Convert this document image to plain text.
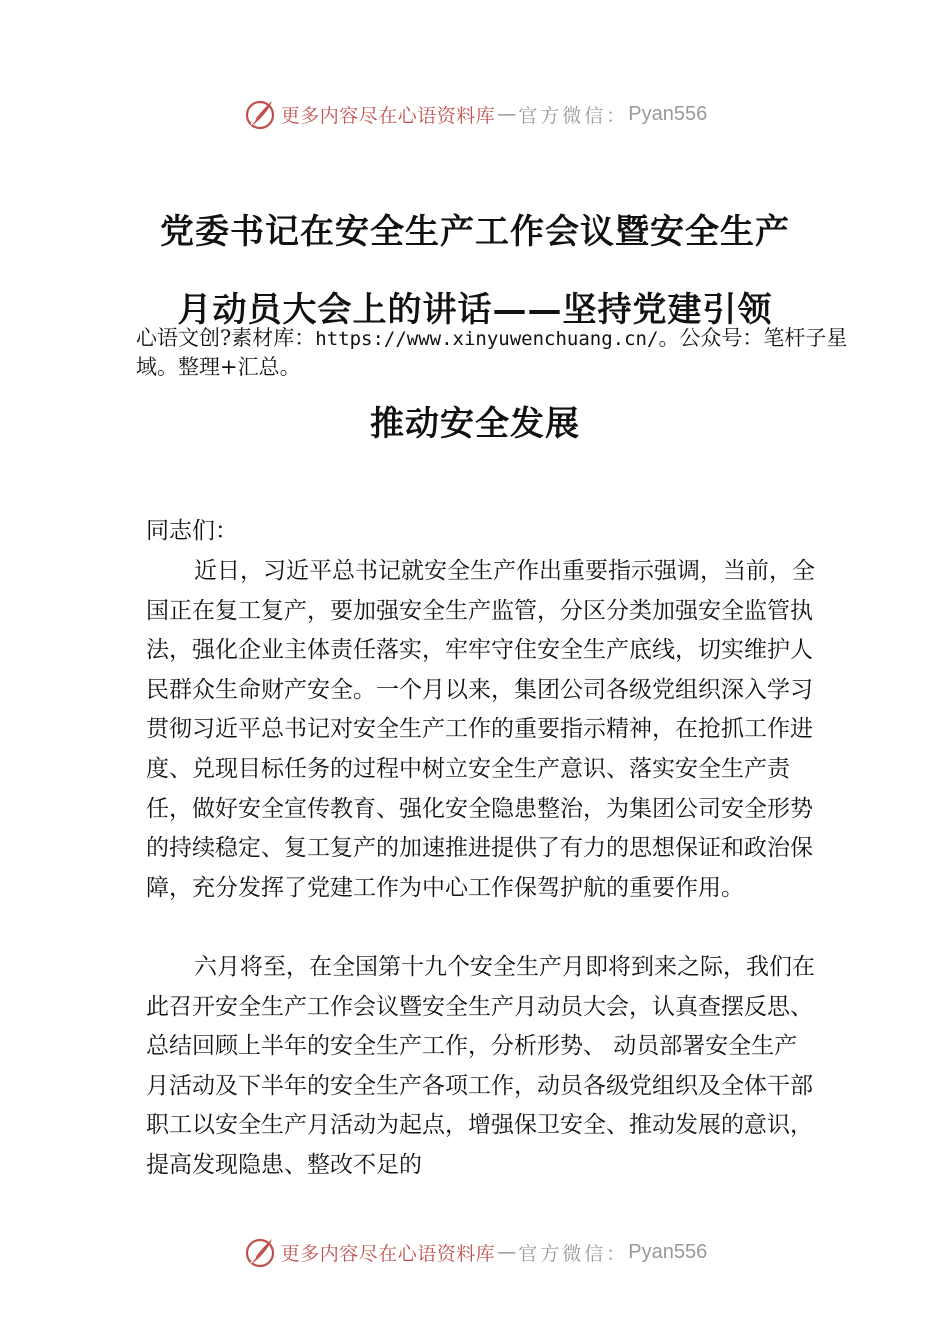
更多内容尽在心语资料库 — 官方微信： Pyan556
党委书记在安全生产工作会议暨安全生产
月动员大会上的讲话——坚持党建引领
心语文创?素材库：https://www.xinyuwenchuang.cn/。公众号：笔杆子星域。整理+汇总。
推动安全发展

同志们：

近日，习近平总书记就安全生产作出重要指示强调，当前，全国正在复工复产，要加强安全生产监管，分区分类加强安全监管执法，强化企业主体责任落实，牢牢守住安全生产底线，切实维护人民群众生命财产安全。一个月以来，集团公司各级党组织深入学习贯彻习近平总书记对安全生产工作的重要指示精神，在抢抓工作进度、兑现目标任务的过程中树立安全生产意识、落实安全生产责任，做好安全宣传教育、强化安全隐患整治，为集团公司安全形势的持续稳定、复工复产的加速推进提供了有力的思想保证和政治保障，充分发挥了党建工作为中心工作保驾护航的重要作用。

六月将至，在全国第十九个安全生产月即将到来之际，我们在此召开安全生产工作会议暨安全生产月动员大会，认真查摆反思、总结回顾上半年的安全生产工作，分析形势、 动员部署安全生产月活动及下半年的安全生产各项工作，动员各级党组织及全体干部职工以安全生产月活动为起点，增强保卫安全、推动发展的意识，提高发现隐患、整改不足的

更多内容尽在心语资料库 — 官方微信： Pyan556
